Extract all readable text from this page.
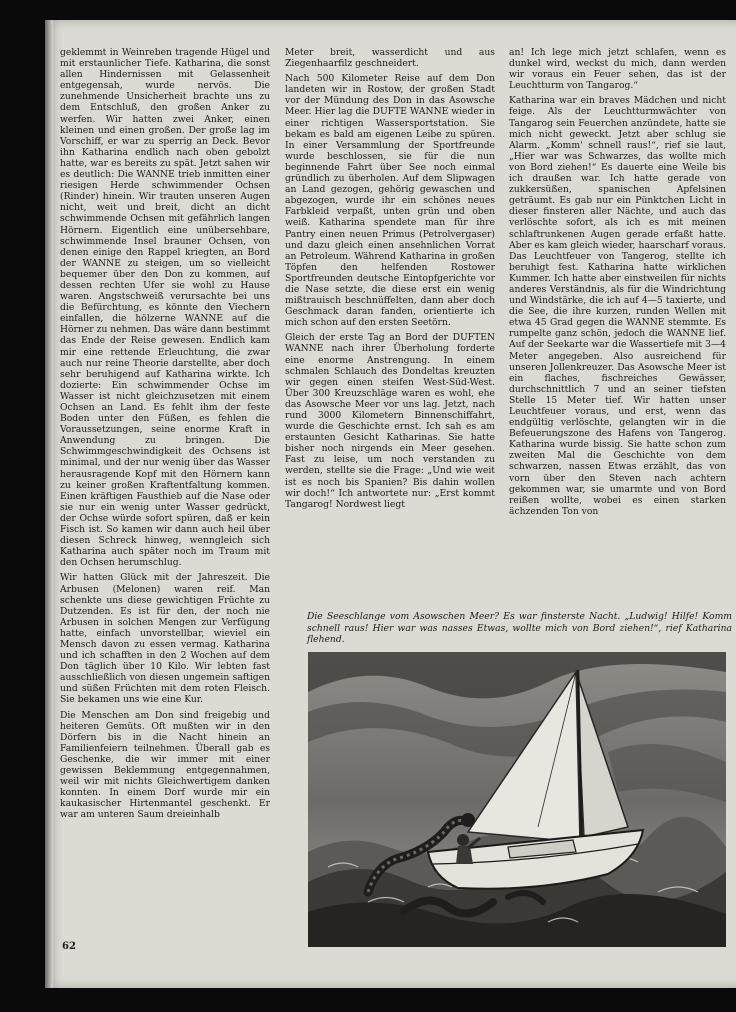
geklemmt in Weinreben tragende Hügel und mit erstaunlicher Tiefe. Katharina, die sonst allen Hindernissen mit Gelassenheit entgegensah, wurde nervös. Die zunehmende Unsicherheit brachte uns zu dem Entschluß, den großen Anker zu werfen. Wir hatten zwei Anker, einen kleinen und einen großen. Der große lag im Vorschiff, er war zu sperrig an Deck. Bevor ihn Katharina endlich nach oben gebolzt hatte, war es bereits zu spät. Jetzt sahen wir es deutlich: Die WANNE trieb inmitten einer riesigen Herde schwimmender Ochsen (Rinder) hinein. Wir trauten unseren Augen nicht, weit und breit, dicht an dicht schwimmende Ochsen mit gefährlich langen Hörnern. Eigentlich eine unübersehbare, schwimmende Insel brauner Ochsen, von denen einige den Rappel kriegten, an Bord der WANNE zu steigen, um so vielleicht bequemer über den Don zu kommen, auf dessen rechten Ufer sie wohl zu Hause waren. Angstschweiß verursachte bei uns die Befürchtung, es könnte den Viechern einfallen, die hölzerne WANNE auf die Hörner zu nehmen. Das wäre dann bestimmt das Ende der Reise gewesen. Endlich kam mir eine rettende Erleuchtung, die zwar auch nur reine Theorie darstellte, aber doch sehr beruhigend auf Katharina wirkte. Ich dozierte: Ein schwimmender Ochse im Wasser ist nicht gleichzusetzen mit einem Ochsen an Land. Es fehlt ihm der feste Boden unter den Füßen, es fehlen die Voraussetzungen, seine enorme Kraft in Anwendung zu bringen. Die Schwimmgeschwindigkeit des Ochsens ist minimal, und der nur wenig über das Wasser herausragende Kopf mit den Hörnern kann zu keiner großen Kraftentfaltung kommen. Einen kräftigen Fausthieb auf die Nase oder sie nur ein wenig unter Wasser gedrückt, der Ochse würde sofort spüren, daß er kein Fisch ist. So kamen wir dann auch heil über diesen Schreck hinweg, wenngleich sich Katharina auch später noch im Traum mit den Ochsen herumschlug.

Wir hatten Glück mit der Jahreszeit. Die Arbusen (Melonen) waren reif. Man schenkte uns diese gewichtigen Früchte zu Dutzenden. Es ist für den, der noch nie Arbusen in solchen Mengen zur Verfügung hatte, einfach unvorstellbar, wieviel ein Mensch davon zu essen vermag. Katharina und ich schafften in den 2 Wochen auf dem Don täglich über 10 Kilo. Wir lebten fast ausschließlich von diesen ungemein saftigen und süßen Früchten mit dem roten Fleisch. Sie bekamen uns wie eine Kur.

Die Menschen am Don sind freigebig und heiteren Gemüts. Oft mußten wir in den Dörfern bis in die Nacht hinein an Familienfeiern teilnehmen. Überall gab es Geschenke, die wir immer mit einer gewissen Beklemmung entgegennahmen, weil wir mit nichts Gleichwertigem danken konnten. In einem Dorf wurde mir ein kaukasischer Hirtenmantel geschenkt. Er war am unteren Saum dreieinhalb

Meter breit, wasserdicht und aus Ziegenhaarfilz geschneidert.

Nach 500 Kilometer Reise auf dem Don landeten wir in Rostow, der großen Stadt vor der Mündung des Don in das Asowsche Meer. Hier lag die DUFTE WANNE wieder in einer richtigen Wassersportstation. Sie bekam es bald am eigenen Leibe zu spüren. In einer Versammlung der Sportfreunde wurde beschlossen, sie für die nun beginnende Fahrt über See noch einmal gründlich zu überholen. Auf dem Slipwagen an Land gezogen, gehörig gewaschen und abgezogen, wurde ihr ein schönes neues Farbkleid verpaßt, unten grün und oben weiß. Katharina spendete man für ihre Pantry einen neuen Primus (Petrolvergaser) und dazu gleich einen ansehnlichen Vorrat an Petroleum. Während Katharina in großen Töpfen den helfenden Rostower Sportfreunden deutsche Eintopfgerichte vor die Nase setzte, die diese erst ein wenig mißtrauisch beschnüffelten, dann aber doch Geschmack daran fanden, orientierte ich mich schon auf den ersten Seetörn.

Gleich der erste Tag an Bord der DUFTEN WANNE nach ihrer Überholung forderte eine enorme Anstrengung. In einem schmalen Schlauch des Dondeltas kreuzten wir gegen einen steifen West-Süd-West. Über 300 Kreuzschläge waren es wohl, ehe das Asowsche Meer vor uns lag. Jetzt, nach rund 3000 Kilometern Binnenschiffahrt, wurde die Geschichte ernst. Ich sah es am erstaunten Gesicht Katharinas. Sie hatte bisher noch nirgends ein Meer gesehen. Fast zu leise, um noch verstanden zu werden, stellte sie die Frage: „Und wie weit ist es noch bis Spanien? Bis dahin wollen wir doch!“ Ich antwortete nur: „Erst kommt Tangarog! Nordwest liegt

an! Ich lege mich jetzt schlafen, wenn es dunkel wird, weckst du mich, dann werden wir voraus ein Feuer sehen, das ist der Leuchtturm von Tangarog.“

Katharina war ein braves Mädchen und nicht feige. Als der Leuchtturmwächter von Tangarog sein Feuerchen anzündete, hatte sie mich nicht geweckt. Jetzt aber schlug sie Alarm. „Komm' schnell raus!“, rief sie laut, „Hier war was Schwarzes, das wollte mich von Bord ziehen!“ Es dauerte eine Weile bis ich draußen war. Ich hatte gerade von zukkersüßen, spanischen Apfelsinen geträumt. Es gab nur ein Pünktchen Licht in dieser finsteren aller Nächte, und auch das verlöschte sofort, als ich es mit meinen schlaftrunkenen Augen gerade erfaßt hatte. Aber es kam gleich wieder, haarscharf voraus. Das Leuchtfeuer von Tangerog, stellte ich beruhigt fest. Katharina hatte wirklichen Kummer. Ich hatte aber einstweilen für nichts anderes Verständnis, als für die Windrichtung und Windstärke, die ich auf 4—5 taxierte, und die See, die ihre kurzen, runden Wellen mit etwa 45 Grad gegen die WANNE stemmte. Es rumpelte ganz schön, jedoch die WANNE lief. Auf der Seekarte war die Wassertiefe mit 3—4 Meter angegeben. Also ausreichend für unseren Jollenkreuzer. Das Asowsche Meer ist ein flaches, fischreiches Gewässer, durchschnittlich 7 und an seiner tiefsten Stelle 15 Meter tief. Wir hatten unser Leuchtfeuer voraus, und erst, wenn das endgültig verlöschte, gelangten wir in die Befeuerungszone des Hafens von Tangerog. Katharina wurde bissig. Sie hatte schon zum zweiten Mal die Geschichte von dem schwarzen, nassen Etwas erzählt, das von vorn über den Steven nach achtern gekommen war, sie umarmte und von Bord reißen wollte, wobei es einen starken ächzenden Ton von

Die Seeschlange vom Asowschen Meer? Es war finsterste Nacht. „Ludwig! Hilfe! Komm schnell raus! Hier war was nasses Etwas, wollte mich von Bord ziehen!“, rief Katharina flehend.
62
